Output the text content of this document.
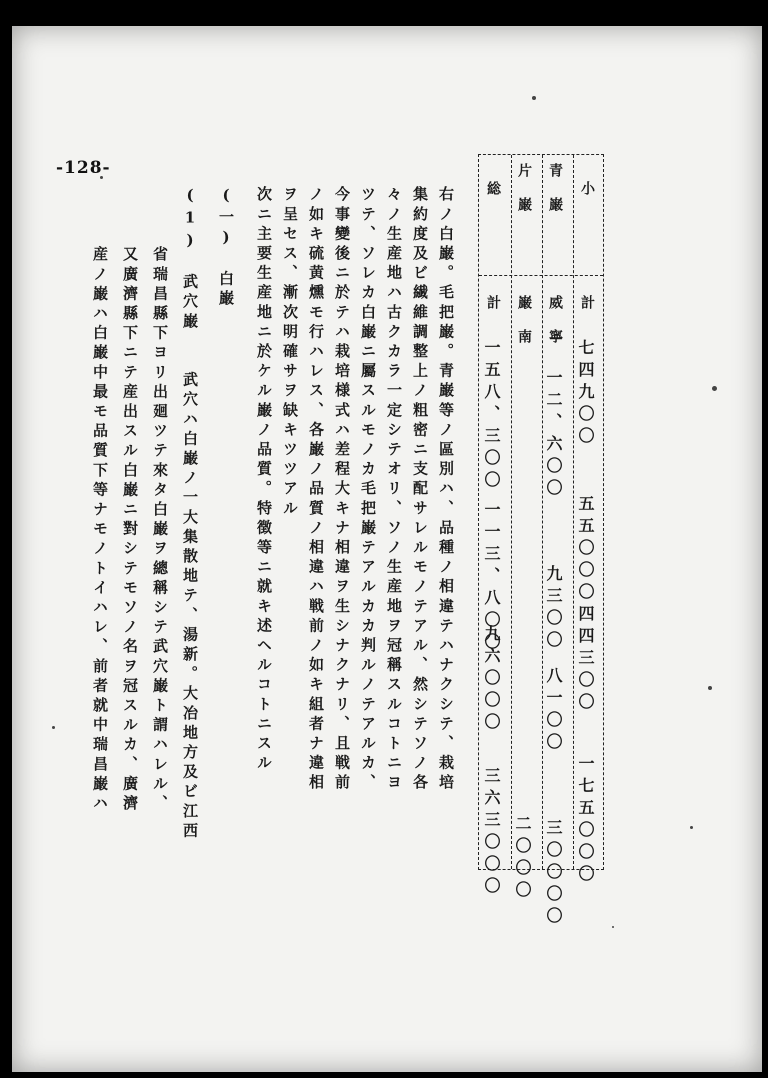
-128-
小
計
七四九〇〇
五五〇〇〇四四三〇〇
一七五〇〇〇
青 巌
威 寧
一二、六〇〇
九三〇〇
八一〇〇
三〇〇〇〇
片 巌
巌 南
二〇〇〇
総
計
一五八、三〇〇
一一三、八〇〇
九六〇〇〇
三六三〇〇〇
右ノ白巌。毛把巌。青巌等ノ區別ハ、品種ノ相違テハナクシテ、栽培
集約度及ビ繊維調整上ノ粗密ニ支配サレルモノテアル、然シテソノ各
々ノ生産地ハ古クカラ一定シテオリ、ソノ生産地ヲ冠稱スルコトニヨ
ツテ、ソレカ白巌ニ屬スルモノカ毛把巌テアルカカ判ルノテアルカ、
今事變後ニ於テハ栽培様式ハ差程大キナ相違ヲ生シナクナリ、且戦前
ノ如キ硫黄燻モ行ハレス、各巌ノ品質ノ相違ハ戦前ノ如キ組者ナ違相
ヲ呈セス、漸次明確サヲ缺キツツアル
次ニ主要生産地ニ於ケル巌ノ品質。特徴等ニ就キ述ヘルコトニスル
(一)　白巌
(1)　武穴巌　　武穴ハ白巌ノ一大集散地テ、湯新。大冶地方及ビ江西
省瑞昌縣下ヨリ出廻ツテ來タ白巌ヲ總稱シテ武穴巌ト謂ハレル、
又廣濟縣下ニテ産出スル白巌ニ對シテモソノ名ヲ冠スルカ、廣濟
産ノ巌ハ白巌中最モ品質下等ナモノトイハレ、前者就中瑞昌巌ハ
